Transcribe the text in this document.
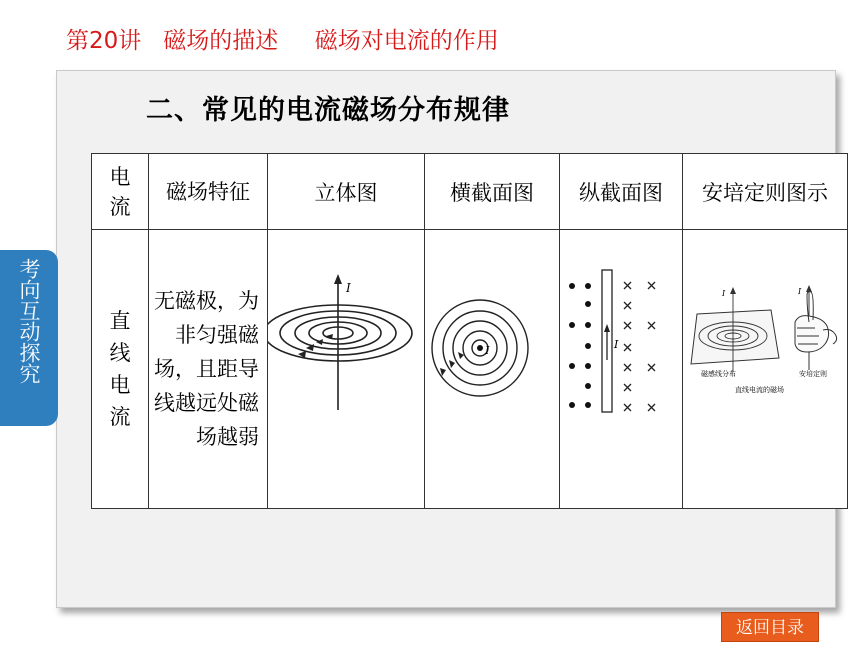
第20讲   磁场的描述     磁场对电流的作用
二、常见的电流磁场分布规律
考向互动探究
电流	磁场特征	立体图	横截面图	纵截面图	安培定则图示
直线电流	无磁极，为非匀强磁场，且距导线越远处磁场越弱	I	I	I	I
磁感线分布
I
安培定则
直线电流的磁场
返回目录
